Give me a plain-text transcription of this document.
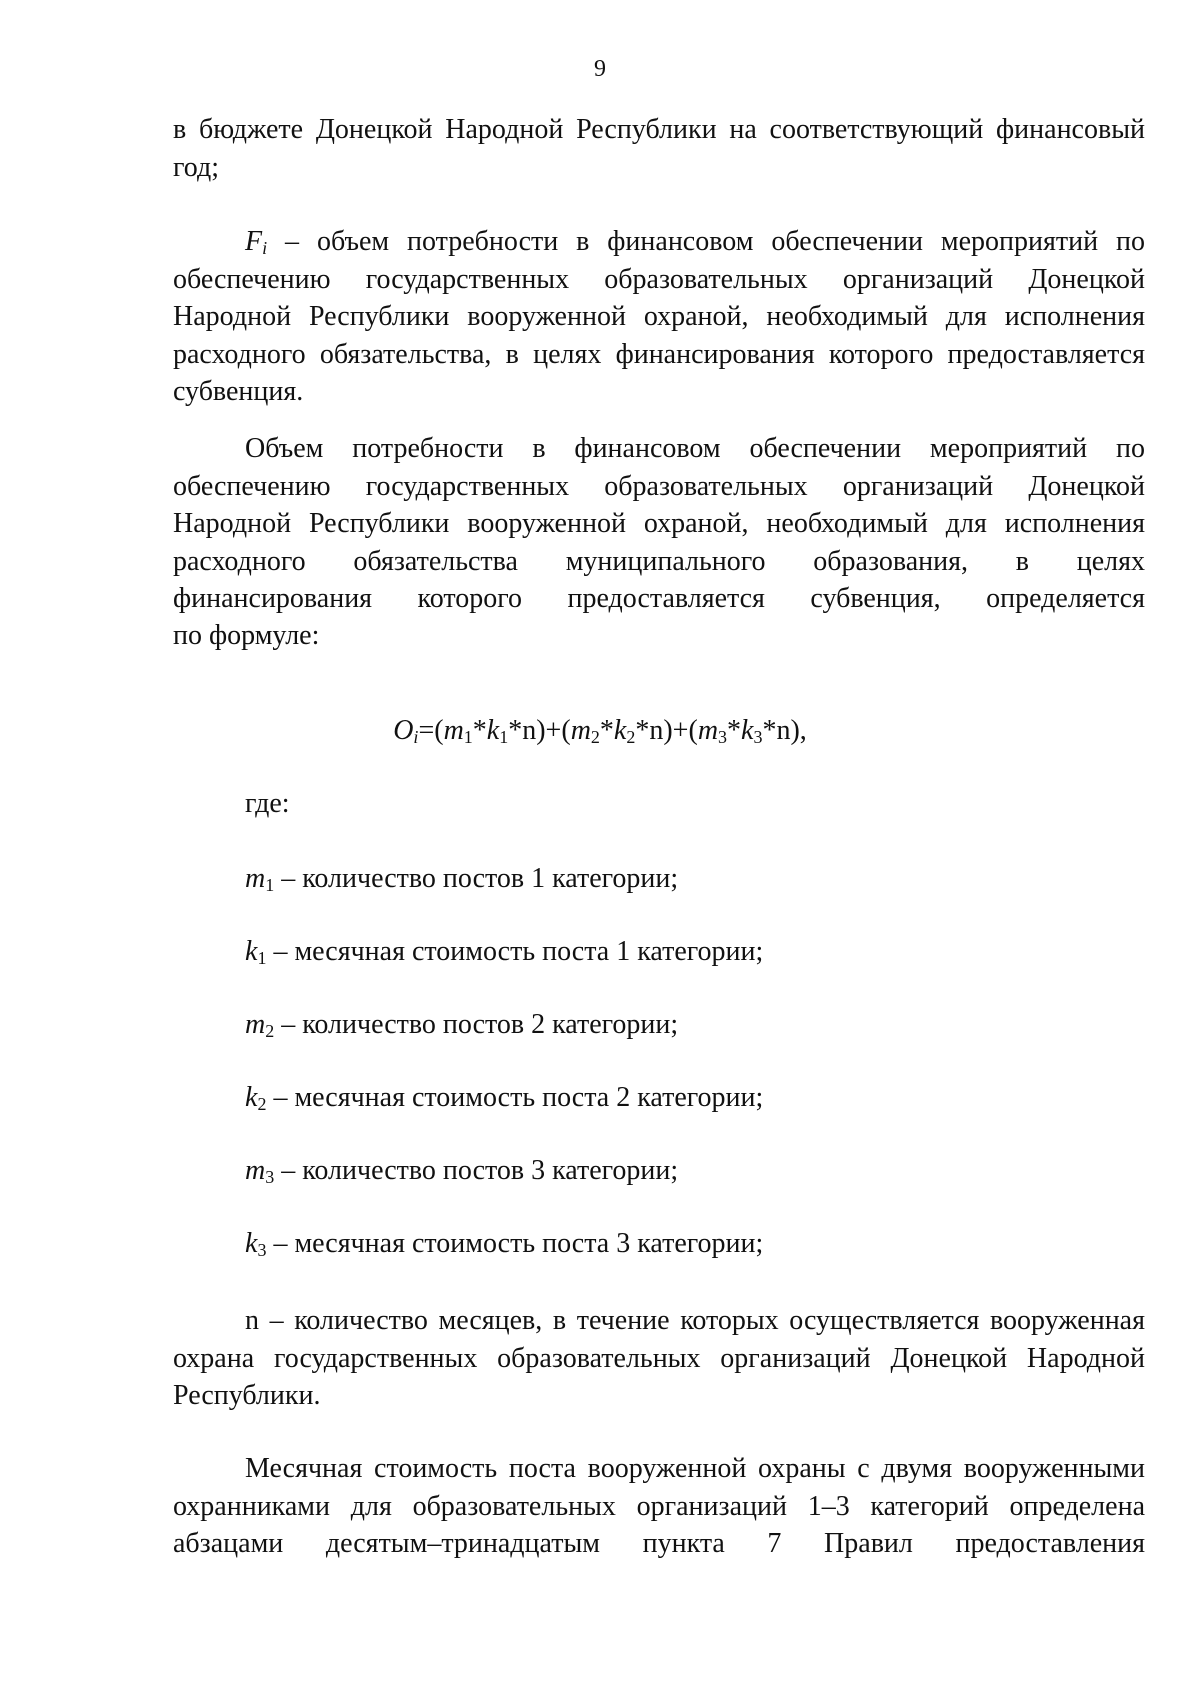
9
в бюджете Донецкой Народной Республики на соответствующий финансовый год;
$F_i$ – объем потребности в финансовом обеспечении мероприятий по обеспечению государственных образовательных организаций Донецкой Народной Республики вооруженной охраной, необходимый для исполнения расходного обязательства, в целях финансирования которого предоставляется субвенция.
Объем потребности в финансовом обеспечении мероприятий по обеспечению государственных образовательных организаций Донецкой Народной Республики вооруженной охраной, необходимый для исполнения расходного обязательства муниципального образования, в целях финансирования которого предоставляется субвенция, определяется
по формуле:
$O_i=(m_1*k_1*n)+(m_2*k_2*n)+(m_3*k_3*n)$,
где:
$m_1$ – количество постов 1 категории;
$k_1$ – месячная стоимость поста 1 категории;
$m_2$ – количество постов 2 категории;
$k_2$ – месячная стоимость поста 2 категории;
$m_3$ – количество постов 3 категории;
$k_3$ – месячная стоимость поста 3 категории;
n – количество месяцев, в течение которых осуществляется вооруженная охрана государственных образовательных организаций Донецкой Народной Республики.
Месячная стоимость поста вооруженной охраны с двумя вооруженными охранниками для образовательных организаций 1–3 категорий определена абзацами десятым–тринадцатым пункта 7 Правил предоставления
